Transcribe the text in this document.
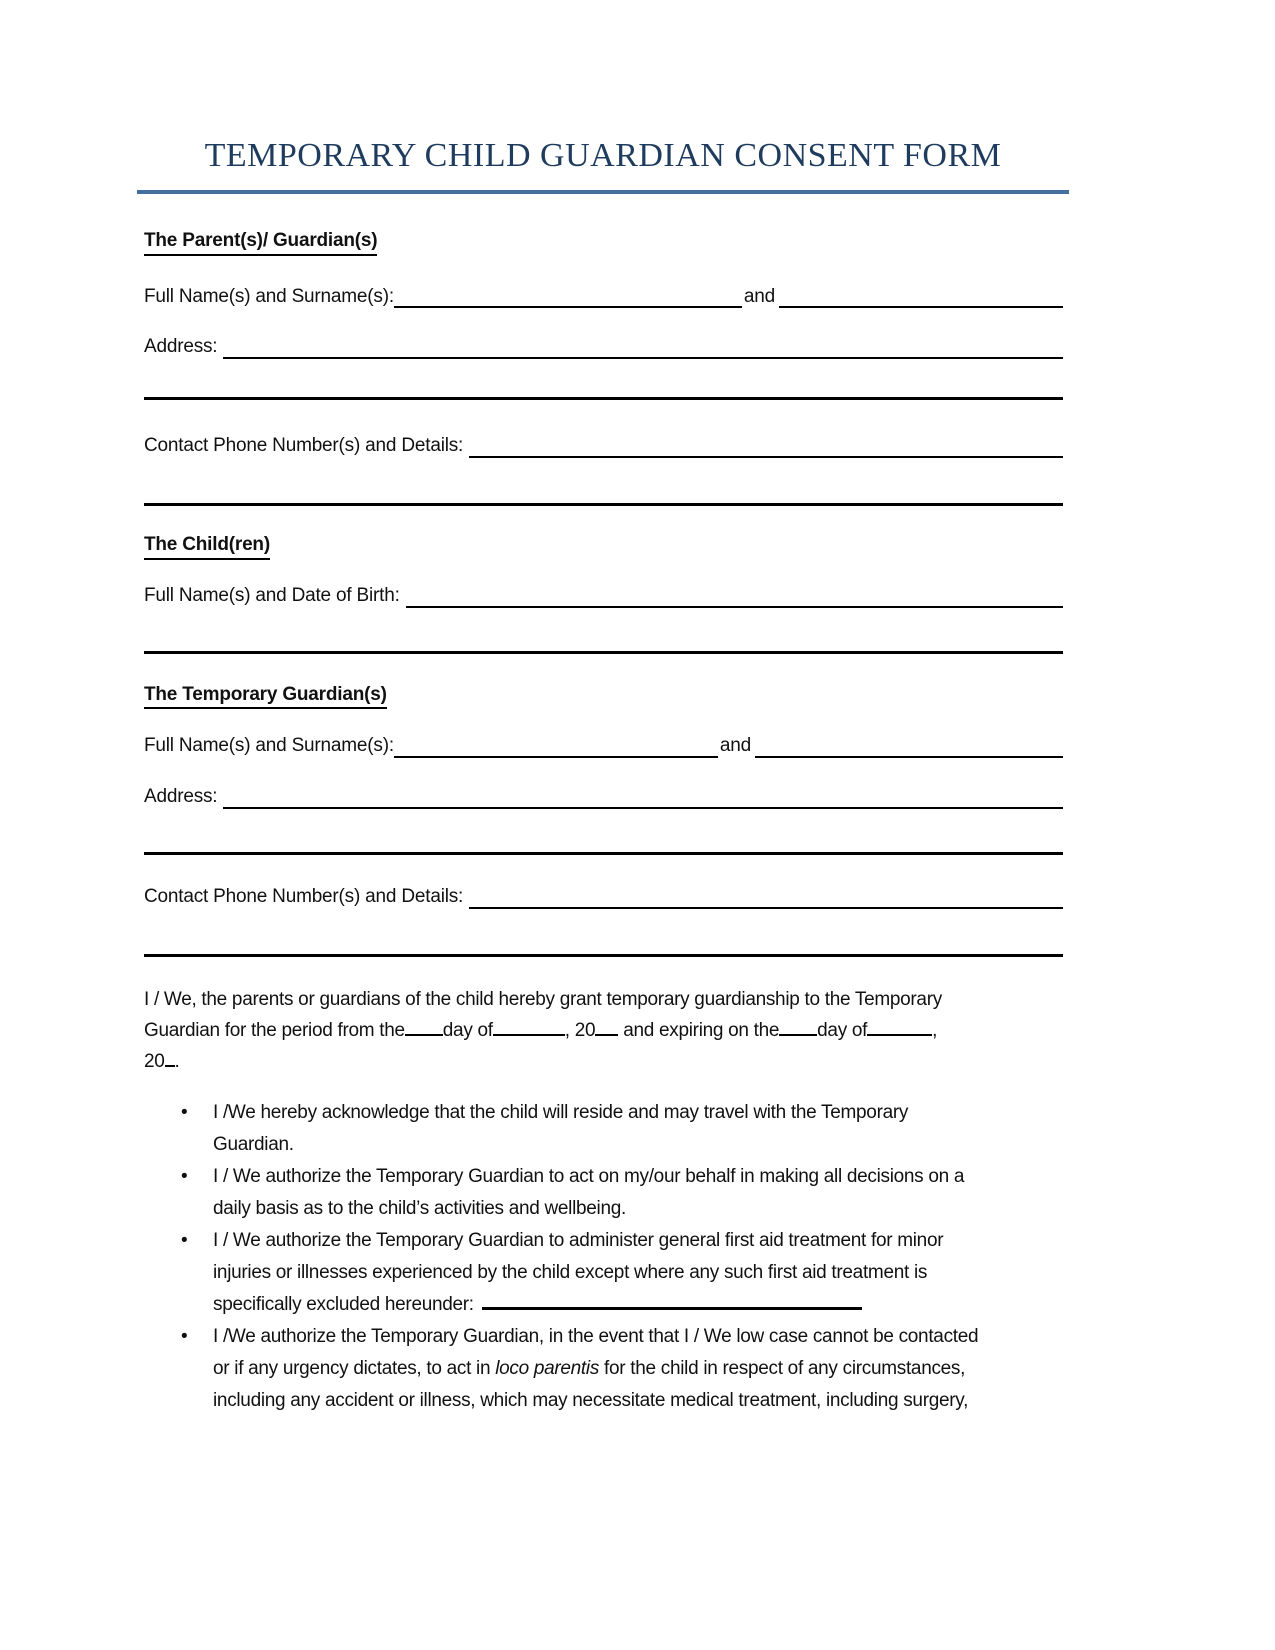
TEMPORARY CHILD GUARDIAN CONSENT FORM
The Parent(s)/ Guardian(s)
Full Name(s) and Surname(s):	and
Address:
Contact Phone Number(s) and Details:
The Child(ren)
Full Name(s) and Date of Birth:
The Temporary Guardian(s)
Full Name(s) and Surname(s):	and
Address:
Contact Phone Number(s) and Details:
I / We, the parents or guardians of the child hereby grant temporary guardianship to the Temporary
Guardian for the period from the day of	, 20 and expiring on the day of	,
20 .
• I /We hereby acknowledge that the child will reside and may travel with the Temporary
Guardian.
• I / We authorize the Temporary Guardian to act on my/our behalf in making all decisions on a
daily basis as to the child’s activities and wellbeing.
• I / We authorize the Temporary Guardian to administer general first aid treatment for minor
injuries or illnesses experienced by the child except where any such first aid treatment is
specifically excluded hereunder:
• I /We authorize the Temporary Guardian, in the event that I / We low case cannot be contacted
or if any urgency dictates, to act in loco parentis for the child in respect of any circumstances,
including any accident or illness, which may necessitate medical treatment, including surgery,
